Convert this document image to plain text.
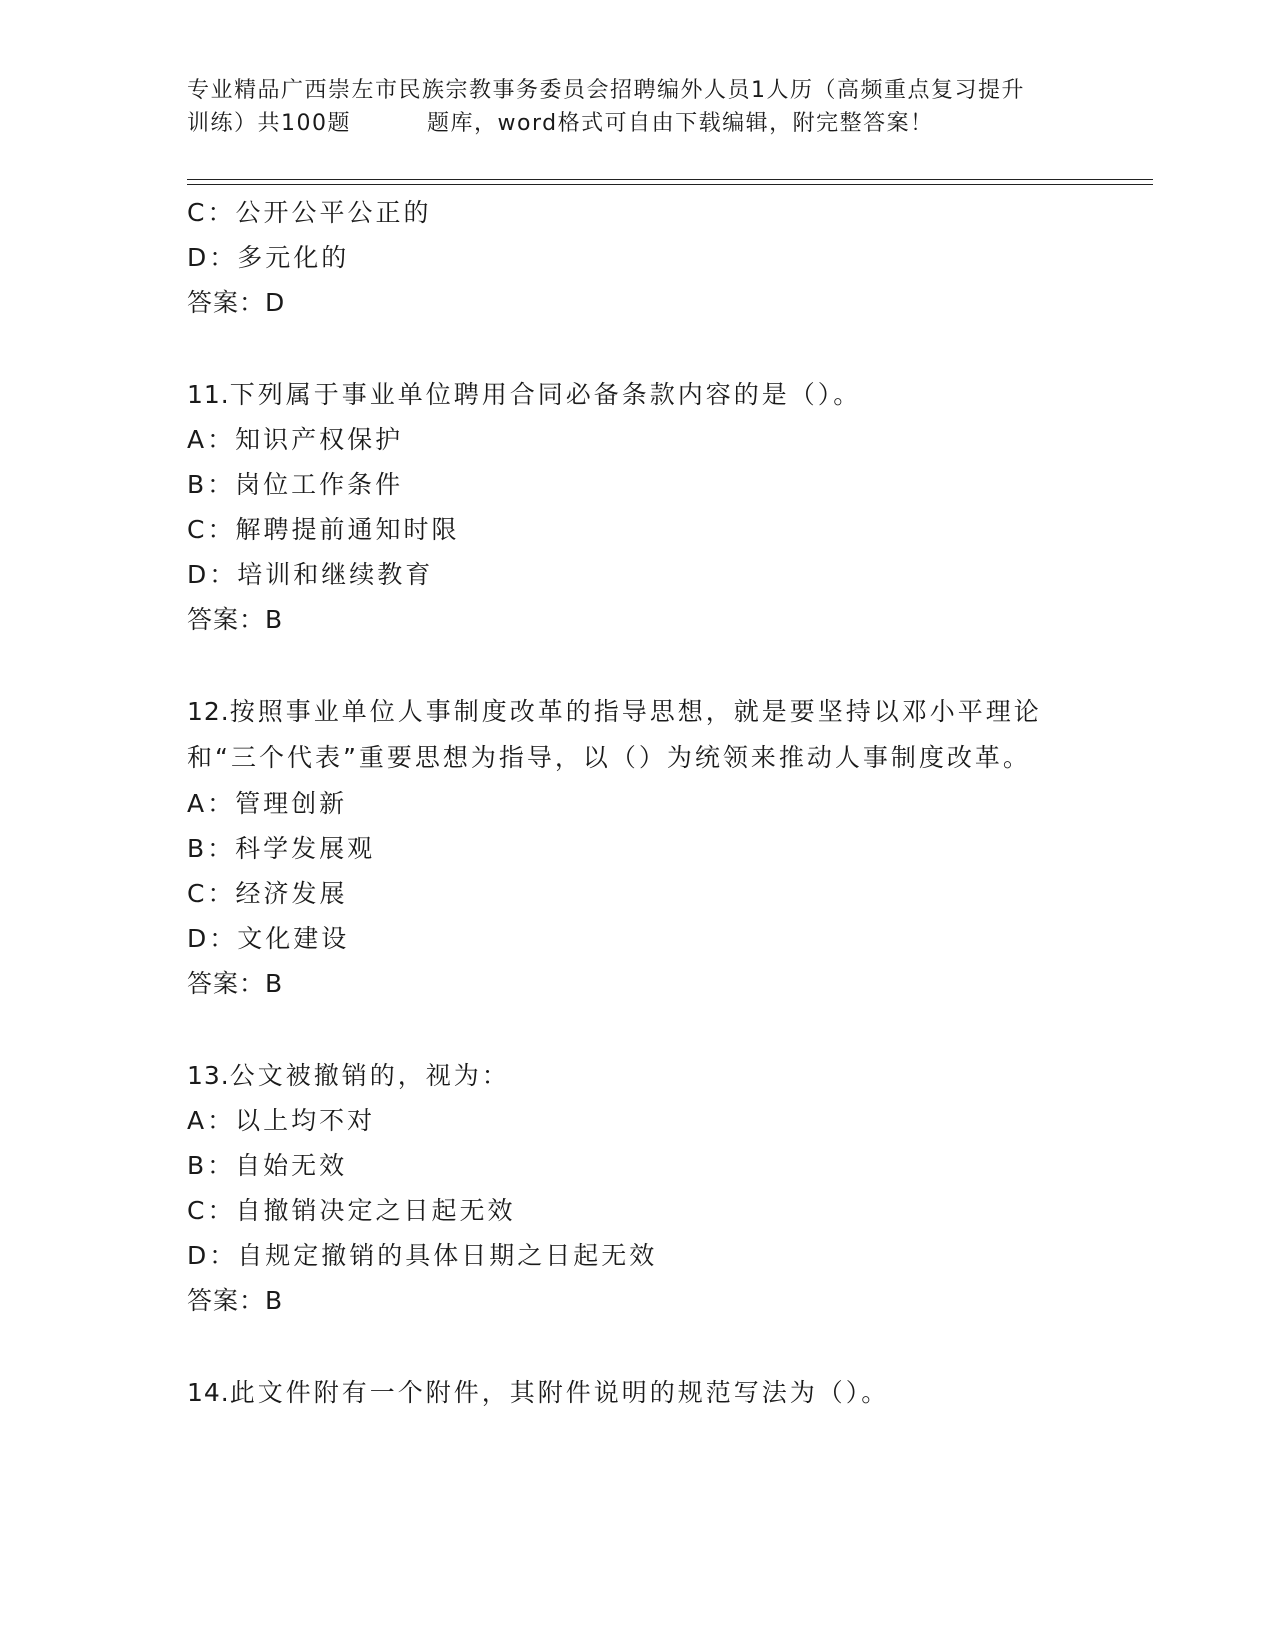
专业精品广西崇左市民族宗教事务委员会招聘编外人员1人历（高频重点复习提升
训练）共100题	题库，word格式可自由下载编辑，附完整答案！
C：公开公平公正的
D：多元化的
答案：D
11.下列属于事业单位聘用合同必备条款内容的是（）。
A：知识产权保护
B：岗位工作条件
C：解聘提前通知时限
D：培训和继续教育
答案：B
12.按照事业单位人事制度改革的指导思想，就是要坚持以邓小平理论和“三个代表”重要思想为指导，以（）为统领来推动人事制度改革。
A：管理创新
B：科学发展观
C：经济发展
D：文化建设
答案：B
13.公文被撤销的，视为：
A：以上均不对
B：自始无效
C：自撤销决定之日起无效
D：自规定撤销的具体日期之日起无效
答案：B
14.此文件附有一个附件，其附件说明的规范写法为（）。
